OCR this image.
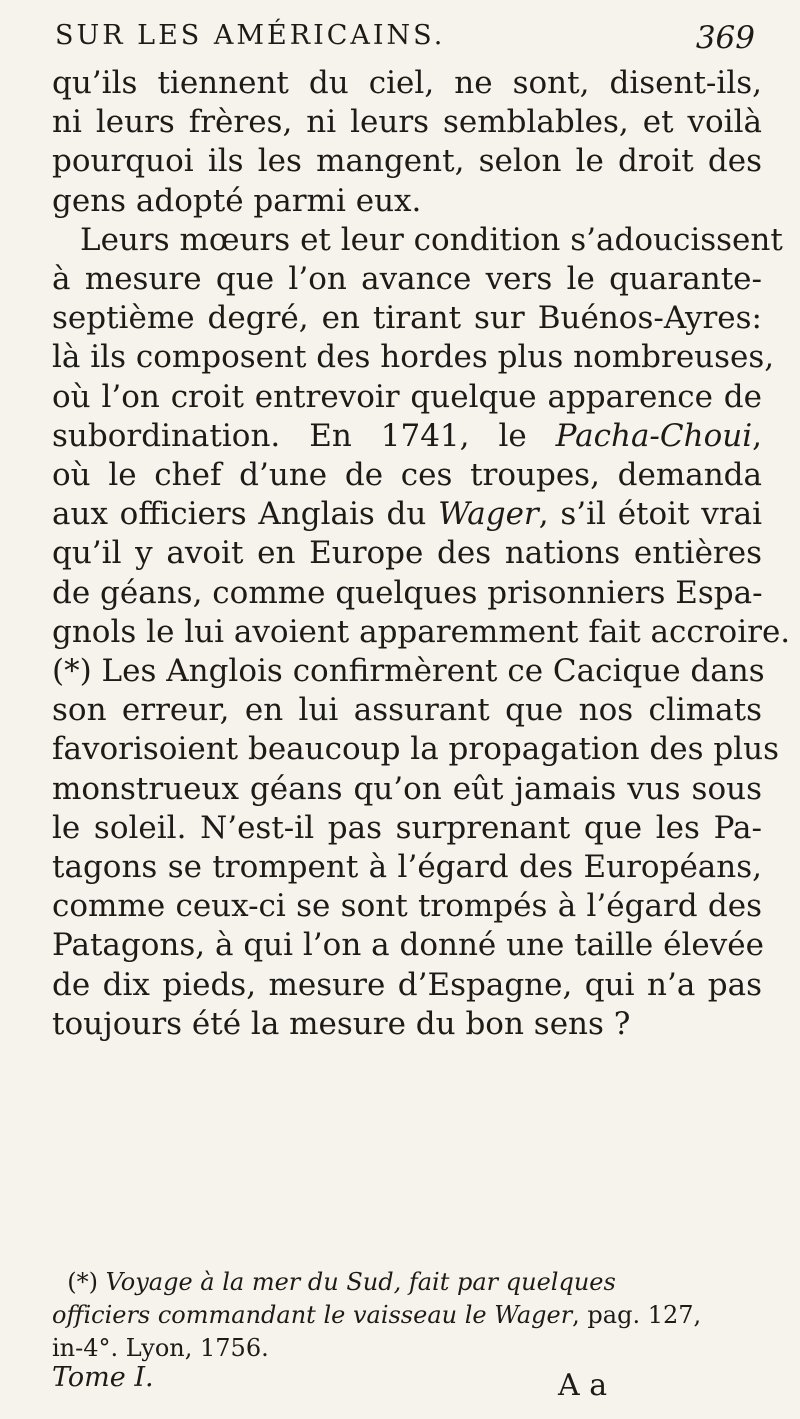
SUR LES AMÉRICAINS.	369
qu’ils tiennent du ciel, ne sont, disent-ils,
ni leurs frères, ni leurs semblables, et voilà
pourquoi ils les mangent, selon le droit des
gens adopté parmi eux.
Leurs mœurs et leur condition s’adoucissent
à mesure que l’on avance vers le quarante-
septième degré, en tirant sur Buénos-Ayres:
là ils composent des hordes plus nombreuses,
où l’on croit entrevoir quelque apparence de
subordination. En 1741, le Pacha-Choui,
où le chef d’une de ces troupes, demanda
aux officiers Anglais du Wager, s’il étoit vrai
qu’il y avoit en Europe des nations entières
de géans, comme quelques prisonniers Espa-
gnols le lui avoient apparemment fait accroire.
(*) Les Anglois confirmèrent ce Cacique dans
son erreur, en lui assurant que nos climats
favorisoient beaucoup la propagation des plus
monstrueux géans qu’on eût jamais vus sous
le soleil. N’est-il pas surprenant que les Pa-
tagons se trompent à l’égard des Européans,
comme ceux-ci se sont trompés à l’égard des
Patagons, à qui l’on a donné une taille élevée
de dix pieds, mesure d’Espagne, qui n’a pas
toujours été la mesure du bon sens ?
(*) Voyage à la mer du Sud, fait par quelques
officiers commandant le vaisseau le Wager, pag. 127,
in-4°. Lyon, 1756.
Tome I.	A a
